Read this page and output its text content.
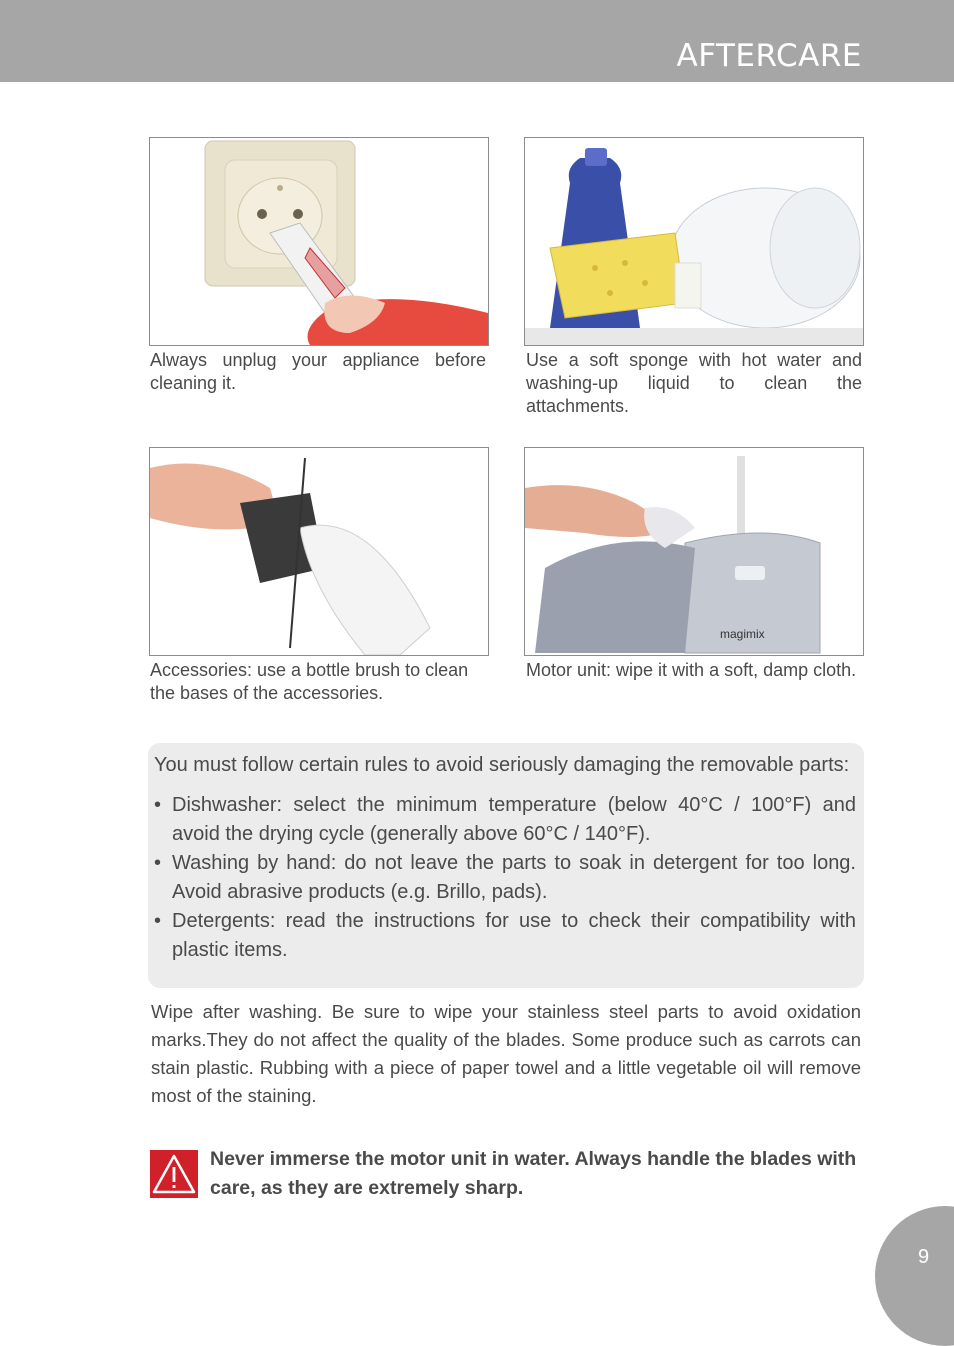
AFTERCARE
Always unplug your appliance before cleaning it.
Use a soft sponge with hot water and washing-up liquid to clean the attachments.
Accessories: use a bottle brush to clean the bases of the accessories.
magimix
Motor unit: wipe it with a soft, damp cloth.
You must follow certain rules to avoid seriously damaging the removable parts:
• Dishwasher: select the minimum temperature (below 40°C / 100°F) and avoid the drying cycle (generally above 60°C / 140°F).
• Washing by hand: do not leave the parts to soak in detergent for too long. Avoid abrasive products (e.g. Brillo, pads).
• Detergents: read the instructions for use to check their compatibility with plastic items.
Wipe after washing. Be sure to wipe your stainless steel parts to avoid oxidation marks.They do not affect the quality of the blades. Some produce such as carrots can stain plastic. Rubbing with a piece of paper towel and a little vegetable oil will remove most of the staining.
Never immerse the motor unit in water. Always handle the blades with care, as they are extremely sharp.
9
